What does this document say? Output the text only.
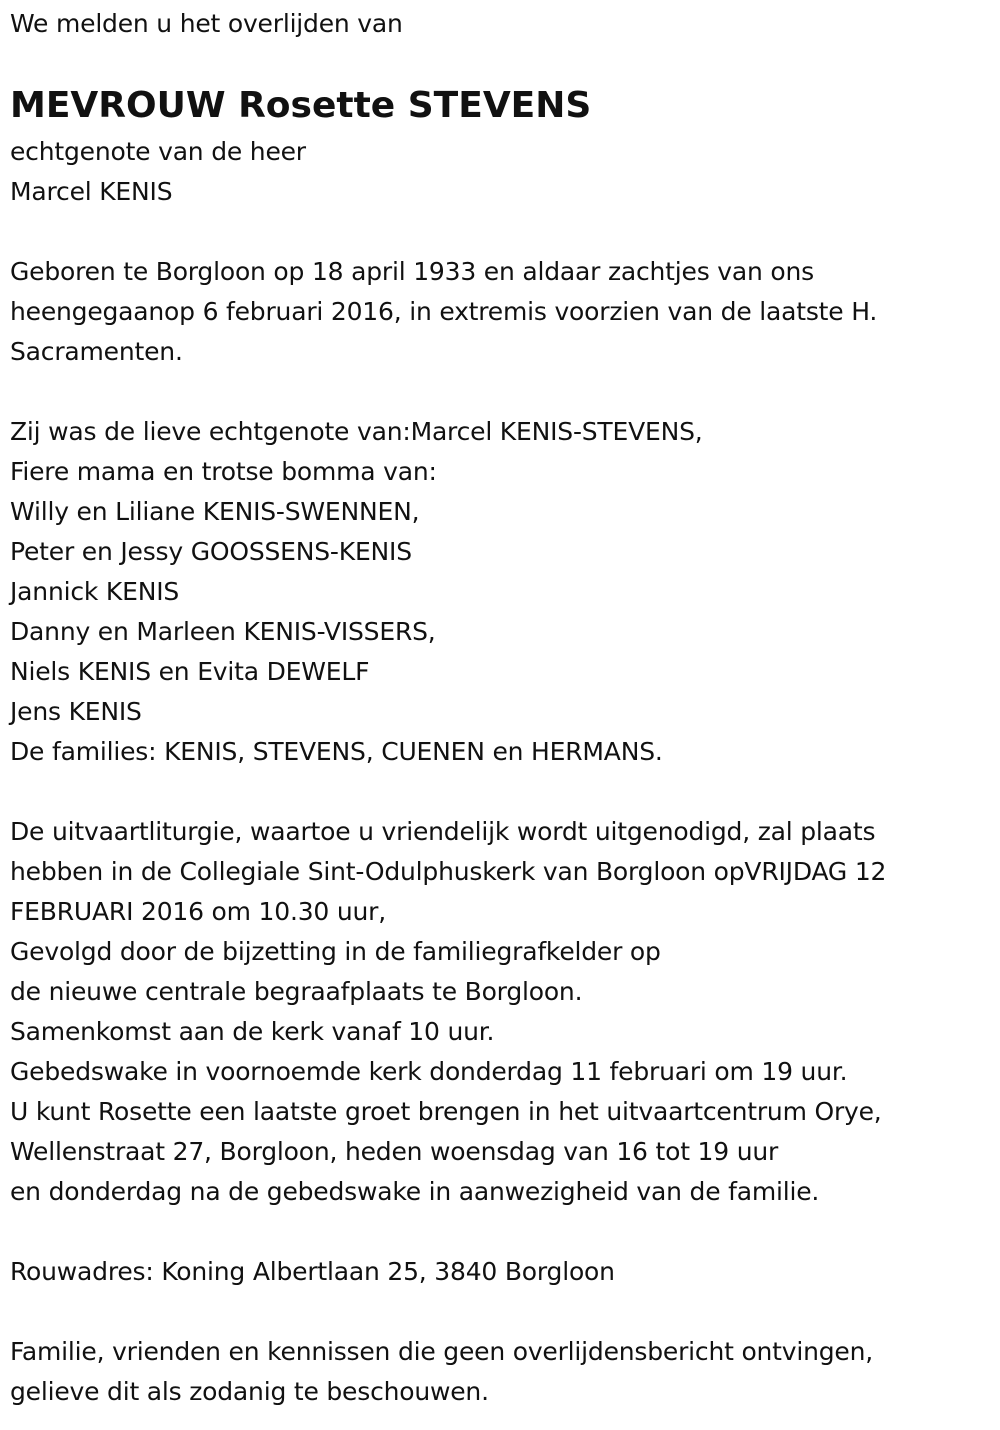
We melden u het overlijden van
MEVROUW Rosette STEVENS
echtgenote van de heer
Marcel KENIS
Geboren te Borgloon op 18 april 1933 en aldaar zachtjes van ons
heengegaanop 6 februari 2016, in extremis voorzien van de laatste H.
Sacramenten.
Zij was de lieve echtgenote van:Marcel KENIS-STEVENS,
Fiere mama en trotse bomma van:
Willy en Liliane KENIS-SWENNEN,
Peter en Jessy GOOSSENS-KENIS
Jannick KENIS
Danny en Marleen KENIS-VISSERS,
Niels KENIS en Evita DEWELF
Jens KENIS
De families: KENIS, STEVENS, CUENEN en HERMANS.
De uitvaartliturgie, waartoe u vriendelijk wordt uitgenodigd, zal plaats
hebben in de Collegiale Sint-Odulphuskerk van Borgloon opVRIJDAG 12
FEBRUARI 2016 om 10.30 uur,
Gevolgd door de bijzetting in de familiegrafkelder op
de nieuwe centrale begraafplaats te Borgloon.
Samenkomst aan de kerk vanaf 10 uur.
Gebedswake in voornoemde kerk donderdag 11 februari om 19 uur.
U kunt Rosette een laatste groet brengen in het uitvaartcentrum Orye,
Wellenstraat 27, Borgloon, heden woensdag van 16 tot 19 uur
en donderdag na de gebedswake in aanwezigheid van de familie.
Rouwadres: Koning Albertlaan 25, 3840 Borgloon
Familie, vrienden en kennissen die geen overlijdensbericht ontvingen,
gelieve dit als zodanig te beschouwen.
